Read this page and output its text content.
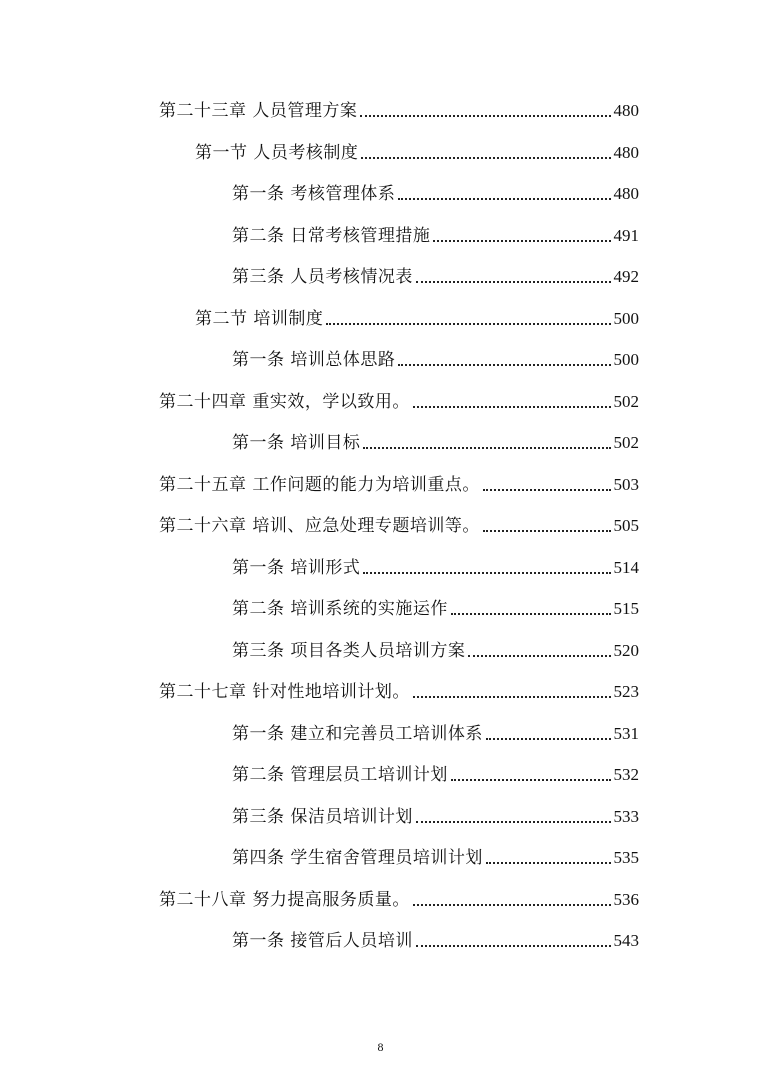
第二十三章 人员管理方案	480
第一节 人员考核制度	480
第一条 考核管理体系	480
第二条 日常考核管理措施	491
第三条 人员考核情况表	492
第二节 培训制度	500
第一条 培训总体思路	500
第二十四章 重实效，学以致用。	502
第一条 培训目标	502
第二十五章 工作问题的能力为培训重点。	503
第二十六章 培训、应急处理专题培训等。	505
第一条 培训形式	514
第二条 培训系统的实施运作	515
第三条 项目各类人员培训方案	520
第二十七章 针对性地培训计划。	523
第一条 建立和完善员工培训体系	531
第二条 管理层员工培训计划	532
第三条 保洁员培训计划	533
第四条 学生宿舍管理员培训计划	535
第二十八章 努力提高服务质量。	536
第一条 接管后人员培训	543
8
